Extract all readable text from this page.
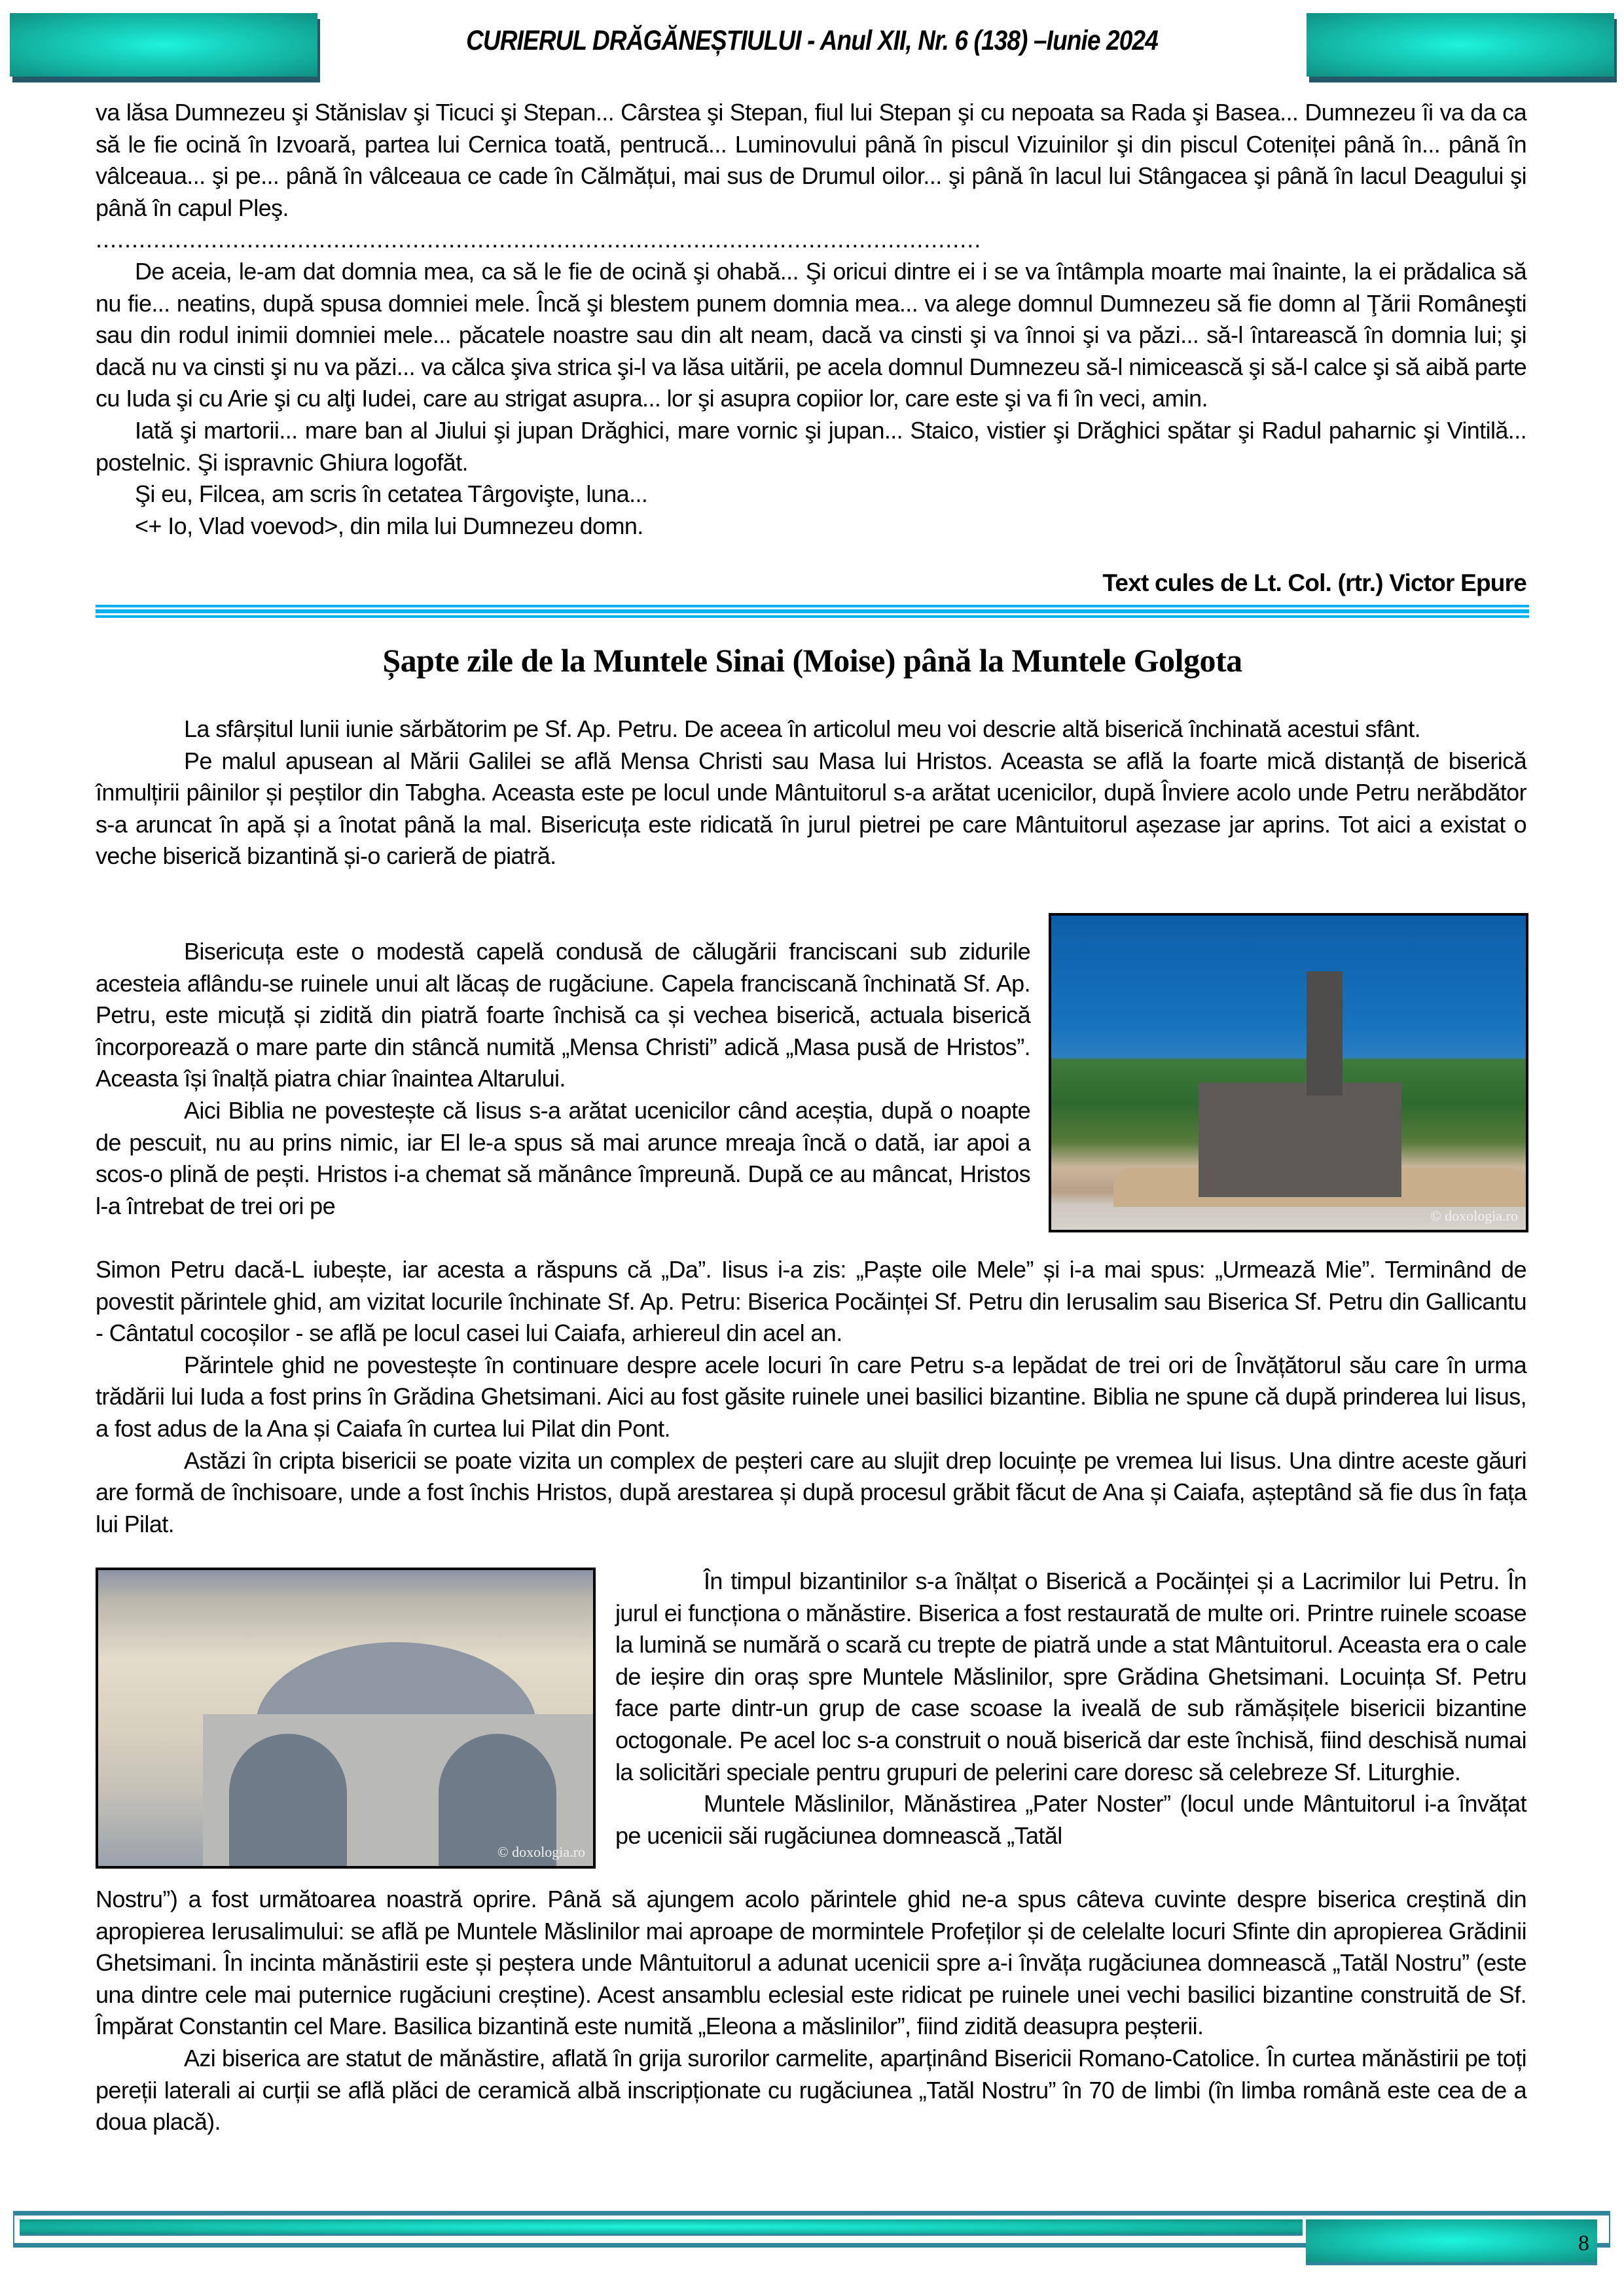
CURIERUL DRĂGĂNEȘTIULUI - Anul XII, Nr. 6 (138) –Iunie 2024

va lăsa Dumnezeu şi Stănislav şi Ticuci şi Stepan... Cârstea şi Stepan, fiul lui Stepan şi cu nepoata sa Rada şi Basea... Dumnezeu îi va da ca să le fie ocină în Izvoară, partea lui Cernica toată, pentrucă... Luminovului până în piscul Vizuinilor şi din piscul Coteniței până în... până în vâlceaua... şi pe... până în vâlceaua ce cade în Călmățui, mai sus de Drumul oilor... şi până în lacul lui Stângacea şi până în lacul Deagului şi până în capul Pleş.

...........................................................................................................................

De aceia, le-am dat domnia mea, ca să le fie de ocină şi ohabă... Şi oricui dintre ei i se va întâmpla moarte mai înainte, la ei prădalica să nu fie... neatins, după spusa domniei mele. Încă şi blestem punem domnia mea... va alege domnul Dumnezeu să fie domn al Ţării Româneşti sau din rodul inimii domniei mele... păcatele noastre sau din alt neam, dacă va cinsti şi va înnoi şi va păzi... să-l întarească în domnia lui; şi dacă nu va cinsti şi nu va păzi... va călca şiva strica şi-l va lăsa uitării, pe acela domnul Dumnezeu să-l nimicească şi să-l calce şi să aibă parte cu Iuda şi cu Arie şi cu alţi Iudei, care au strigat asupra... lor şi asupra copiior lor, care este şi va fi în veci, amin.

Iată şi martorii... mare ban al Jiului şi jupan Drăghici, mare vornic şi jupan... Staico, vistier şi Drăghici spătar şi Radul paharnic şi Vintilă... postelnic. Şi ispravnic Ghiura logofăt.

Şi eu, Filcea, am scris în cetatea Târgovişte, luna...

<+ Io, Vlad voevod>, din mila lui Dumnezeu domn.

Text cules de Lt. Col. (rtr.) Victor Epure
Șapte zile de la Muntele Sinai (Moise) până la Muntele Golgota

La sfârșitul lunii iunie sărbătorim pe Sf. Ap. Petru. De aceea în articolul meu voi descrie altă biserică închinată acestui sfânt.

Pe malul apusean al Mării Galilei se află Mensa Christi sau Masa lui Hristos. Aceasta se află la foarte mică distanță de biserică înmulțirii pâinilor și peștilor din Tabgha. Aceasta este pe locul unde Mântuitorul s-a arătat ucenicilor, după Înviere acolo unde Petru nerăbdător s-a aruncat în apă și a înotat până la mal. Bisericuța este ridicată în jurul pietrei pe care Mântuitorul așezase jar aprins. Tot aici a existat o veche biserică bizantină și-o carieră de piatră.

© doxologia.ro

Bisericuța este o modestă capelă condusă de călugării franciscani sub zidurile acesteia aflându-se ruinele unui alt lăcaș de rugăciune. Capela franciscană închinată Sf. Ap. Petru, este micuță și zidită din piatră foarte închisă ca și vechea biserică, actuala biserică încorporează o mare parte din stâncă numită „Mensa Christi” adică „Masa pusă de Hristos”. Aceasta își înalță piatra chiar înaintea Altarului.

Aici Biblia ne povestește că Iisus s-a arătat ucenicilor când aceștia, după o noapte de pescuit, nu au prins nimic, iar El le-a spus să mai arunce mreaja încă o dată, iar apoi a scos-o plină de pești. Hristos i-a chemat să mănânce împreună. După ce au mâncat, Hristos l-a întrebat de trei ori pe

Simon Petru dacă-L iubește, iar acesta a răspuns că „Da”. Iisus i-a zis: „Paște oile Mele” și i-a mai spus: „Urmează Mie”. Terminând de povestit părintele ghid, am vizitat locurile închinate Sf. Ap. Petru: Biserica Pocăinței Sf. Petru din Ierusalim sau Biserica Sf. Petru din Gallicantu - Cântatul cocoșilor - se află pe locul casei lui Caiafa, arhiereul din acel an.

Părintele ghid ne povestește în continuare despre acele locuri în care Petru s-a lepădat de trei ori de Învățătorul său care în urma trădării lui Iuda a fost prins în Grădina Ghetsimani. Aici au fost găsite ruinele unei basilici bizantine. Biblia ne spune că după prinderea lui Iisus, a fost adus de la Ana și Caiafa în curtea lui Pilat din Pont.

Astăzi în cripta bisericii se poate vizita un complex de peșteri care au slujit drep locuințe pe vremea lui Iisus. Una dintre aceste găuri are formă de închisoare, unde a fost închis Hristos, după arestarea și după procesul grăbit făcut de Ana și Caiafa, așteptând să fie dus în fața lui Pilat.

© doxologia.ro

În timpul bizantinilor s-a înălțat o Biserică a Pocăinței și a Lacrimilor lui Petru. În jurul ei funcționa o mănăstire. Biserica a fost restaurată de multe ori. Printre ruinele scoase la lumină se numără o scară cu trepte de piatră unde a stat Mântuitorul. Aceasta era o cale de ieșire din oraș spre Muntele Măslinilor, spre Grădina Ghetsimani. Locuința Sf. Petru face parte dintr-un grup de case scoase la iveală de sub rămășițele bisericii bizantine octogonale. Pe acel loc s-a construit o nouă biserică dar este închisă, fiind deschisă numai la solicitări speciale pentru grupuri de pelerini care doresc să celebreze Sf. Liturghie.

Muntele Măslinilor, Mănăstirea „Pater Noster” (locul unde Mântuitorul i-a învățat pe ucenicii săi rugăciunea domnească „Tatăl

Nostru”) a fost următoarea noastră oprire. Până să ajungem acolo părintele ghid ne-a spus câteva cuvinte despre biserica creștină din apropierea Ierusalimului: se află pe Muntele Măslinilor mai aproape de mormintele Profeților și de celelalte locuri Sfinte din apropierea Grădinii Ghetsimani. În incinta mănăstirii este și peștera unde Mântuitorul a adunat ucenicii spre a-i învăța rugăciunea domnească „Tatăl Nostru” (este una dintre cele mai puternice rugăciuni creștine). Acest ansamblu eclesial este ridicat pe ruinele unei vechi basilici bizantine construită de Sf. Împărat Constantin cel Mare. Basilica bizantină este numită „Eleona a măslinilor”, fiind zidită deasupra peșterii.

Azi biserica are statut de mănăstire, aflată în grija surorilor carmelite, aparținând Bisericii Romano-Catolice. În curtea mănăstirii pe toți pereții laterali ai curții se află plăci de ceramică albă inscripționate cu rugăciunea „Tatăl Nostru” în 70 de limbi (în limba română este cea de a doua placă).

8
